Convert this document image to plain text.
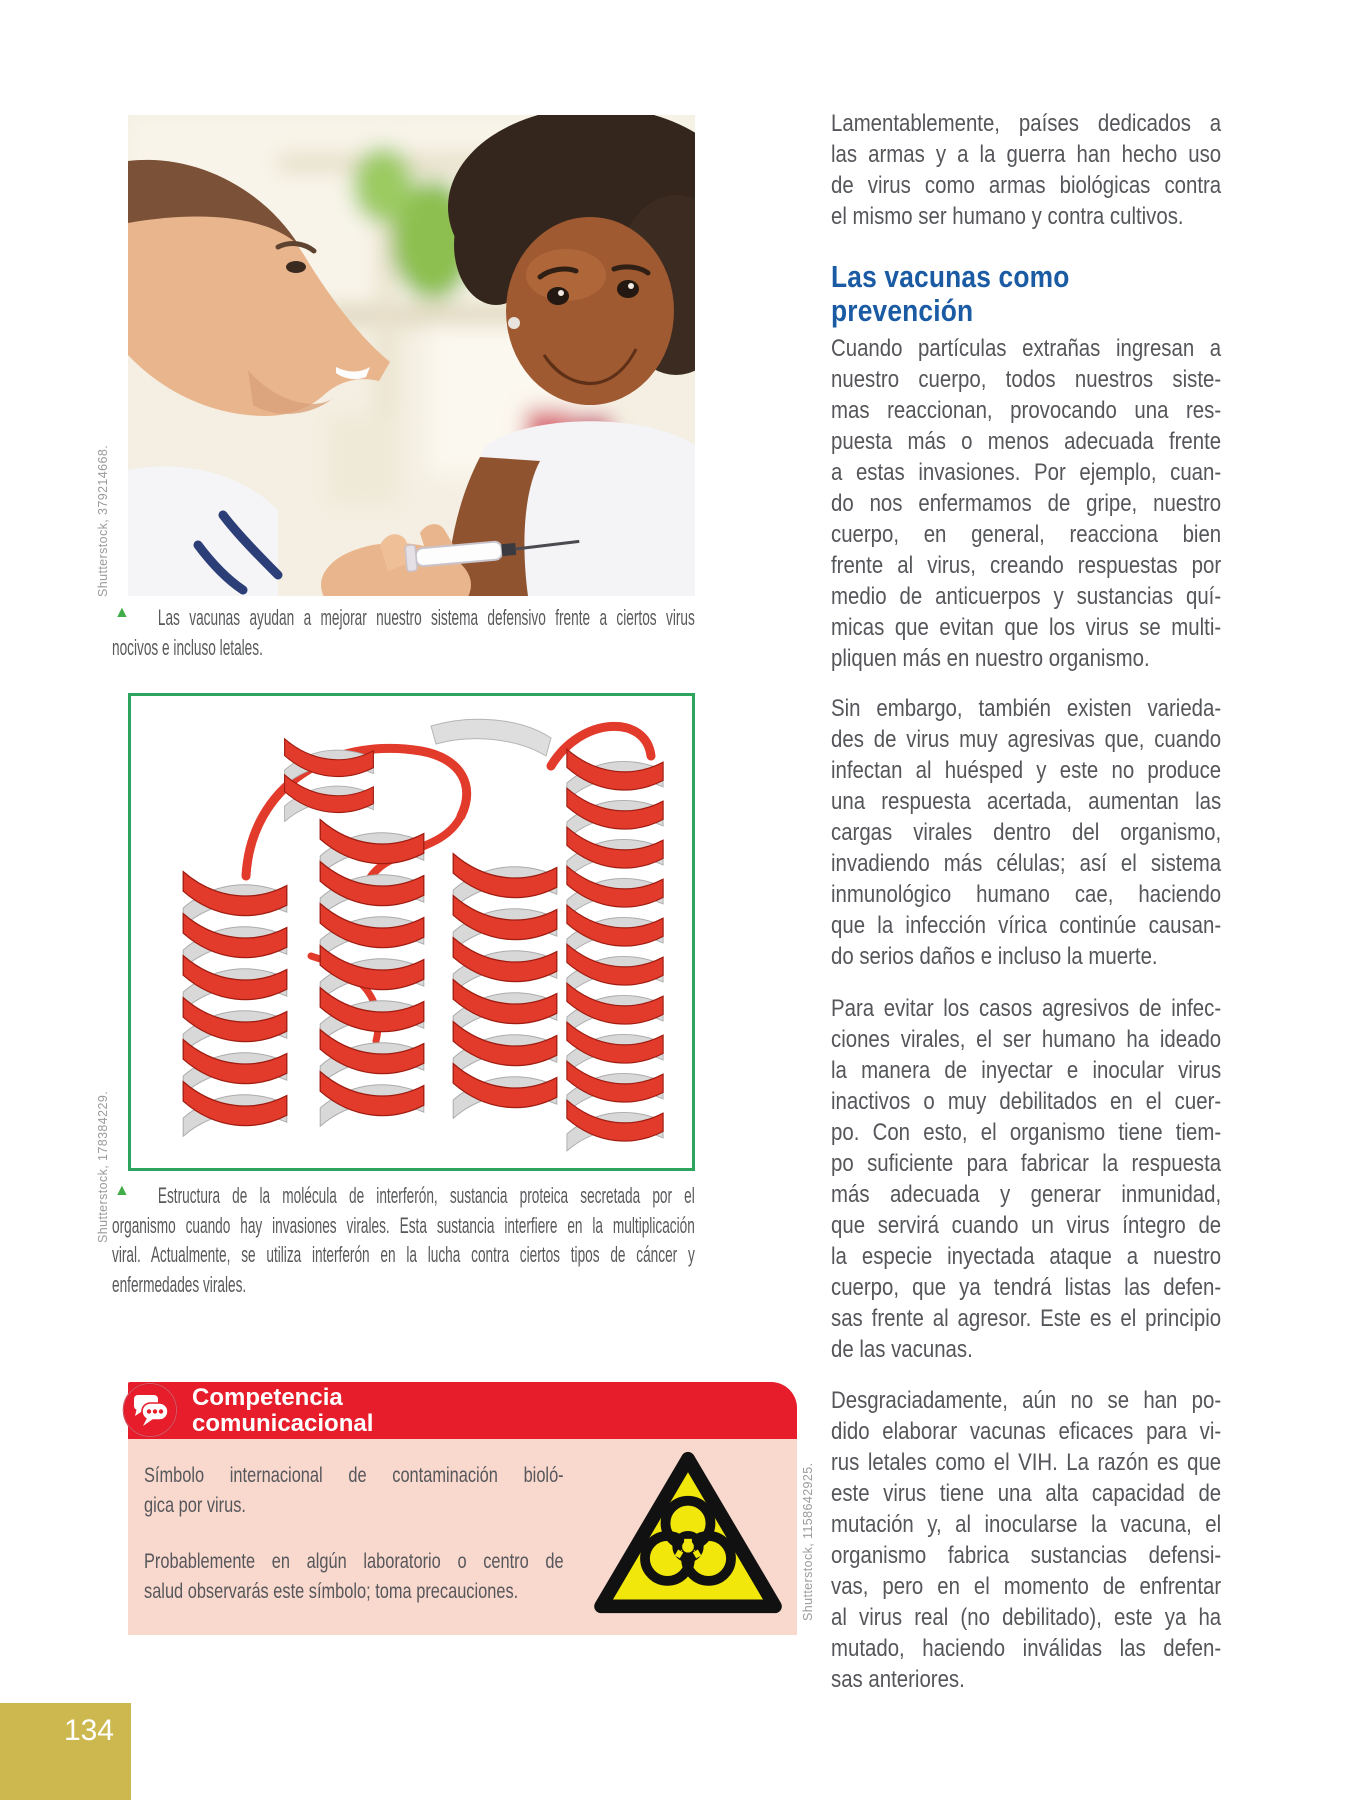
▲	Las vacunas ayudan a mejorar nuestro sistema defensivo frente a ciertos virus
nocivos e incluso letales.
▲	Estructura de la molécula de interferón, sustancia proteica secretada por el
organismo cuando hay invasiones virales. Esta sustancia interfiere en la multiplicación
viral. Actualmente, se utiliza interferón en la lucha contra ciertos tipos de cáncer y
enfermedades virales.
Competencia
comunicacional
Símbolo internacional de contaminación bioló-
gica por virus.
Probablemente en algún laboratorio o centro de
salud observarás este símbolo; toma precauciones.
Shutterstock, 379214668.
Shutterstock, 178384229.
Shutterstock, 1158642925.
Lamentablemente, países dedicados a
las armas y a la guerra han hecho uso
de virus como armas biológicas contra
el mismo ser humano y contra cultivos.
Las vacunas como
prevención
Cuando partículas extrañas ingresan a
nuestro cuerpo, todos nuestros siste-
mas reaccionan, provocando una res-
puesta más o menos adecuada frente
a estas invasiones. Por ejemplo, cuan-
do nos enfermamos de gripe, nuestro
cuerpo, en general, reacciona bien
frente al virus, creando respuestas por
medio de anticuerpos y sustancias quí-
micas que evitan que los virus se multi-
pliquen más en nuestro organismo.
Sin embargo, también existen varieda-
des de virus muy agresivas que, cuando
infectan al huésped y este no produce
una respuesta acertada, aumentan las
cargas virales dentro del organismo,
invadiendo más células; así el sistema
inmunológico humano cae, haciendo
que la infección vírica continúe causan-
do serios daños e incluso la muerte.
Para evitar los casos agresivos de infec-
ciones virales, el ser humano ha ideado
la manera de inyectar e inocular virus
inactivos o muy debilitados en el cuer-
po. Con esto, el organismo tiene tiem-
po suficiente para fabricar la respuesta
más adecuada y generar inmunidad,
que servirá cuando un virus íntegro de
la especie inyectada ataque a nuestro
cuerpo, que ya tendrá listas las defen-
sas frente al agresor. Este es el principio
de las vacunas.
Desgraciadamente, aún no se han po-
dido elaborar vacunas eficaces para vi-
rus letales como el VIH. La razón es que
este virus tiene una alta capacidad de
mutación y, al inocularse la vacuna, el
organismo fabrica sustancias defensi-
vas, pero en el momento de enfrentar
al virus real (no debilitado), este ya ha
mutado, haciendo inválidas las defen-
sas anteriores.
134
